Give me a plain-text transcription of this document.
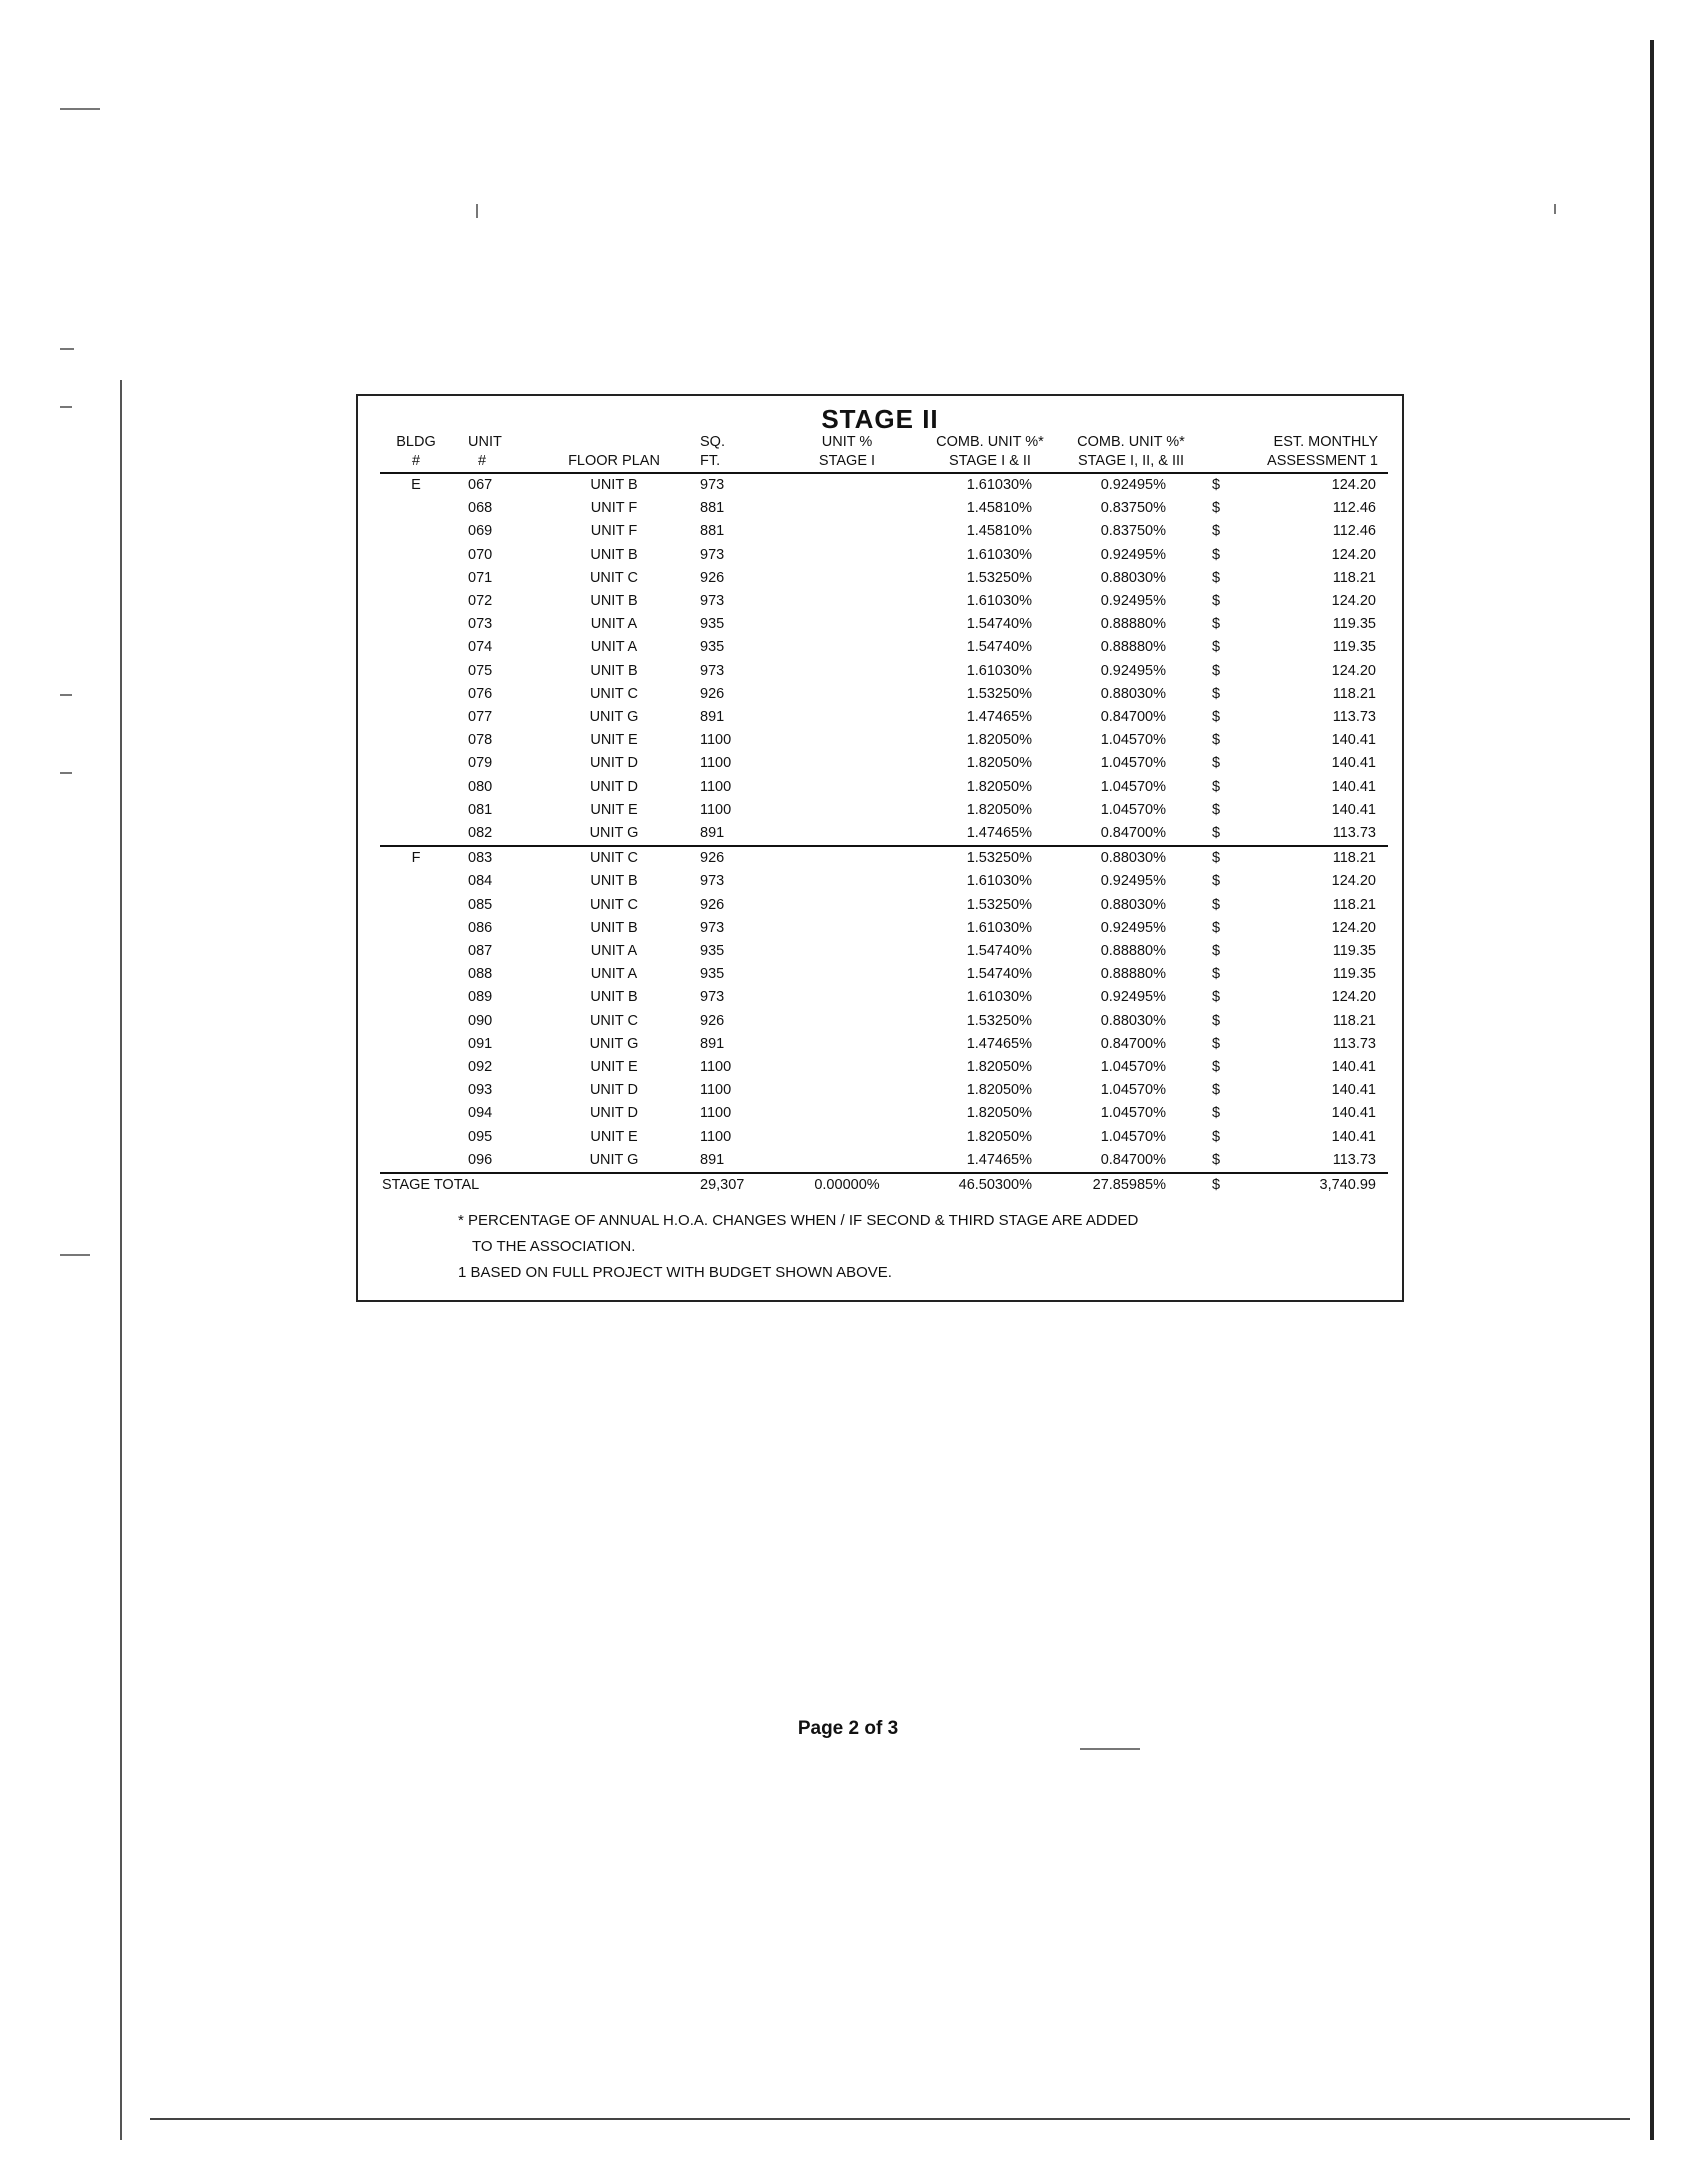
STAGE II
BLDG	UNIT		SQ.	UNIT %	COMB. UNIT %*	COMB. UNIT %*	EST. MONTHLY	
#	#	FLOOR PLAN	FT.	STAGE I	STAGE I & II	STAGE I, II, & III	ASSESSMENT 1	
E	067	UNIT B	973		1.61030%	0.92495%	$	124.20
	068	UNIT F	881		1.45810%	0.83750%	$	112.46
	069	UNIT F	881		1.45810%	0.83750%	$	112.46
	070	UNIT B	973		1.61030%	0.92495%	$	124.20
	071	UNIT C	926		1.53250%	0.88030%	$	118.21
	072	UNIT B	973		1.61030%	0.92495%	$	124.20
	073	UNIT A	935		1.54740%	0.88880%	$	119.35
	074	UNIT A	935		1.54740%	0.88880%	$	119.35
	075	UNIT B	973		1.61030%	0.92495%	$	124.20
	076	UNIT C	926		1.53250%	0.88030%	$	118.21
	077	UNIT G	891		1.47465%	0.84700%	$	113.73
	078	UNIT E	1100		1.82050%	1.04570%	$	140.41
	079	UNIT D	1100		1.82050%	1.04570%	$	140.41
	080	UNIT D	1100		1.82050%	1.04570%	$	140.41
	081	UNIT E	1100		1.82050%	1.04570%	$	140.41
	082	UNIT G	891		1.47465%	0.84700%	$	113.73
F	083	UNIT C	926		1.53250%	0.88030%	$	118.21
	084	UNIT B	973		1.61030%	0.92495%	$	124.20
	085	UNIT C	926		1.53250%	0.88030%	$	118.21
	086	UNIT B	973		1.61030%	0.92495%	$	124.20
	087	UNIT A	935		1.54740%	0.88880%	$	119.35
	088	UNIT A	935		1.54740%	0.88880%	$	119.35
	089	UNIT B	973		1.61030%	0.92495%	$	124.20
	090	UNIT C	926		1.53250%	0.88030%	$	118.21
	091	UNIT G	891		1.47465%	0.84700%	$	113.73
	092	UNIT E	1100		1.82050%	1.04570%	$	140.41
	093	UNIT D	1100		1.82050%	1.04570%	$	140.41
	094	UNIT D	1100		1.82050%	1.04570%	$	140.41
	095	UNIT E	1100		1.82050%	1.04570%	$	140.41
	096	UNIT G	891		1.47465%	0.84700%	$	113.73
STAGE TOTAL			29,307	0.00000%	46.50300%	27.85985%	$	3,740.99
* PERCENTAGE OF ANNUAL H.O.A. CHANGES WHEN / IF SECOND & THIRD STAGE ARE ADDED
TO THE ASSOCIATION.
1 BASED ON FULL PROJECT WITH BUDGET SHOWN ABOVE.
Page 2 of 3
